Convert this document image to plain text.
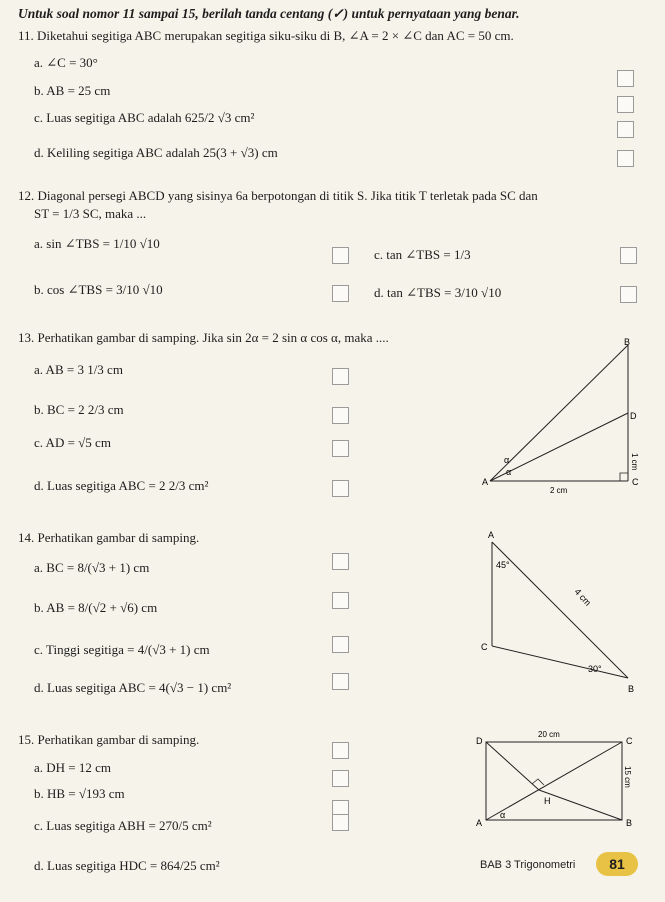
Untuk soal nomor 11 sampai 15, berilah tanda centang (✓) untuk pernyataan yang benar.
11. Diketahui segitiga ABC merupakan segitiga siku-siku di B, ∠A = 2 × ∠C dan AC = 50 cm.
a. ∠C = 30°
b. AB = 25 cm
c. Luas segitiga ABC adalah 625/2 √3 cm²
d. Keliling segitiga ABC adalah 25(3 + √3) cm
12. Diagonal persegi ABCD yang sisinya 6a berpotongan di titik S. Jika titik T terletak pada SC dan
ST = 1/3 SC, maka ...
a. sin ∠TBS = 1/10 √10
b. cos ∠TBS = 3/10 √10
c. tan ∠TBS = 1/3
d. tan ∠TBS = 3/10 √10
13. Perhatikan gambar di samping. Jika sin 2α = 2 sin α cos α, maka ....
a. AB = 3 1/3 cm
b. BC = 2 2/3 cm
c. AD = √5 cm
d. Luas segitiga ABC = 2 2/3 cm²
B
D
C
A
α
α
1 cm
2 cm
14. Perhatikan gambar di samping.
a. BC = 8/(√3 + 1) cm
b. AB = 8/(√2 + √6) cm
c. Tinggi segitiga = 4/(√3 + 1) cm
d. Luas segitiga ABC = 4(√3 − 1) cm²
A
C
B
45°
30°
4 cm
15. Perhatikan gambar di samping.
a. DH = 12 cm
b. HB = √193 cm
c. Luas segitiga ABH = 270/5 cm²
d. Luas segitiga HDC = 864/25 cm²
D	C
A	B
H
α
20 cm
15 cm
BAB 3 Trigonometri	81
